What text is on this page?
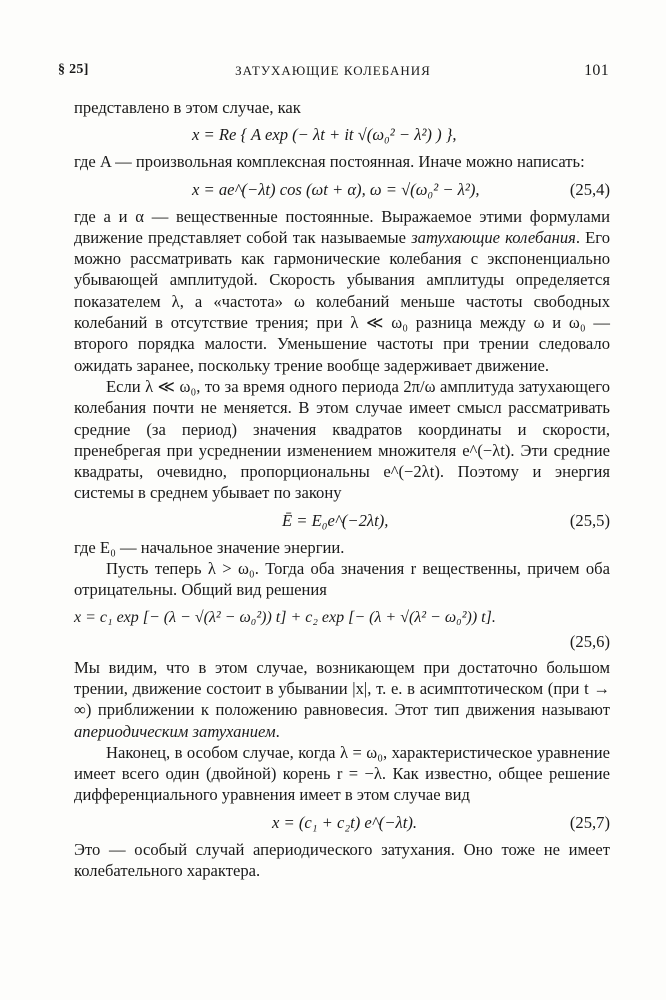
§ 25]	ЗАТУХАЮЩИЕ КОЛЕБАНИЯ	101

представлено в этом случае, как

x = Re { A exp (− λt + it √(ω₀² − λ²) ) },

где A — произвольная комплексная постоянная. Иначе можно написать:

x = ae^(−λt) cos (ωt + α), ω = √(ω₀² − λ²),	(25,4)

где a и α — вещественные постоянные. Выражаемое этими формулами движение представляет собой так называемые затухающие колебания. Его можно рассматривать как гармонические колебания с экспоненциально убывающей амплитудой. Скорость убывания амплитуды определяется показателем λ, а «частота» ω колебаний меньше частоты свободных колебаний в отсутствие трения; при λ ≪ ω₀ разница между ω и ω₀ — второго порядка малости. Уменьшение частоты при трении следовало ожидать заранее, поскольку трение вообще задерживает движение.

Если λ ≪ ω₀, то за время одного периода 2π/ω амплитуда затухающего колебания почти не меняется. В этом случае имеет смысл рассматривать средние (за период) значения квадратов координаты и скорости, пренебрегая при усреднении изменением множителя e^(−λt). Эти средние квадраты, очевидно, пропорциональны e^(−2λt). Поэтому и энергия системы в среднем убывает по закону

Ē = E₀e^(−2λt),	(25,5)

где E₀ — начальное значение энергии.

Пусть теперь λ > ω₀. Тогда оба значения r вещественны, причем оба отрицательны. Общий вид решения

x = c₁ exp [− (λ − √(λ² − ω₀²)) t] + c₂ exp [− (λ + √(λ² − ω₀²)) t].
(25,6)

Мы видим, что в этом случае, возникающем при достаточно большом трении, движение состоит в убывании |x|, т. е. в асимптотическом (при t → ∞) приближении к положению равновесия. Этот тип движения называют апериодическим затуханием.

Наконец, в особом случае, когда λ = ω₀, характеристическое уравнение имеет всего один (двойной) корень r = −λ. Как известно, общее решение дифференциального уравнения имеет в этом случае вид

x = (c₁ + c₂t) e^(−λt).	(25,7)

Это — особый случай апериодического затухания. Оно тоже не имеет колебательного характера.
